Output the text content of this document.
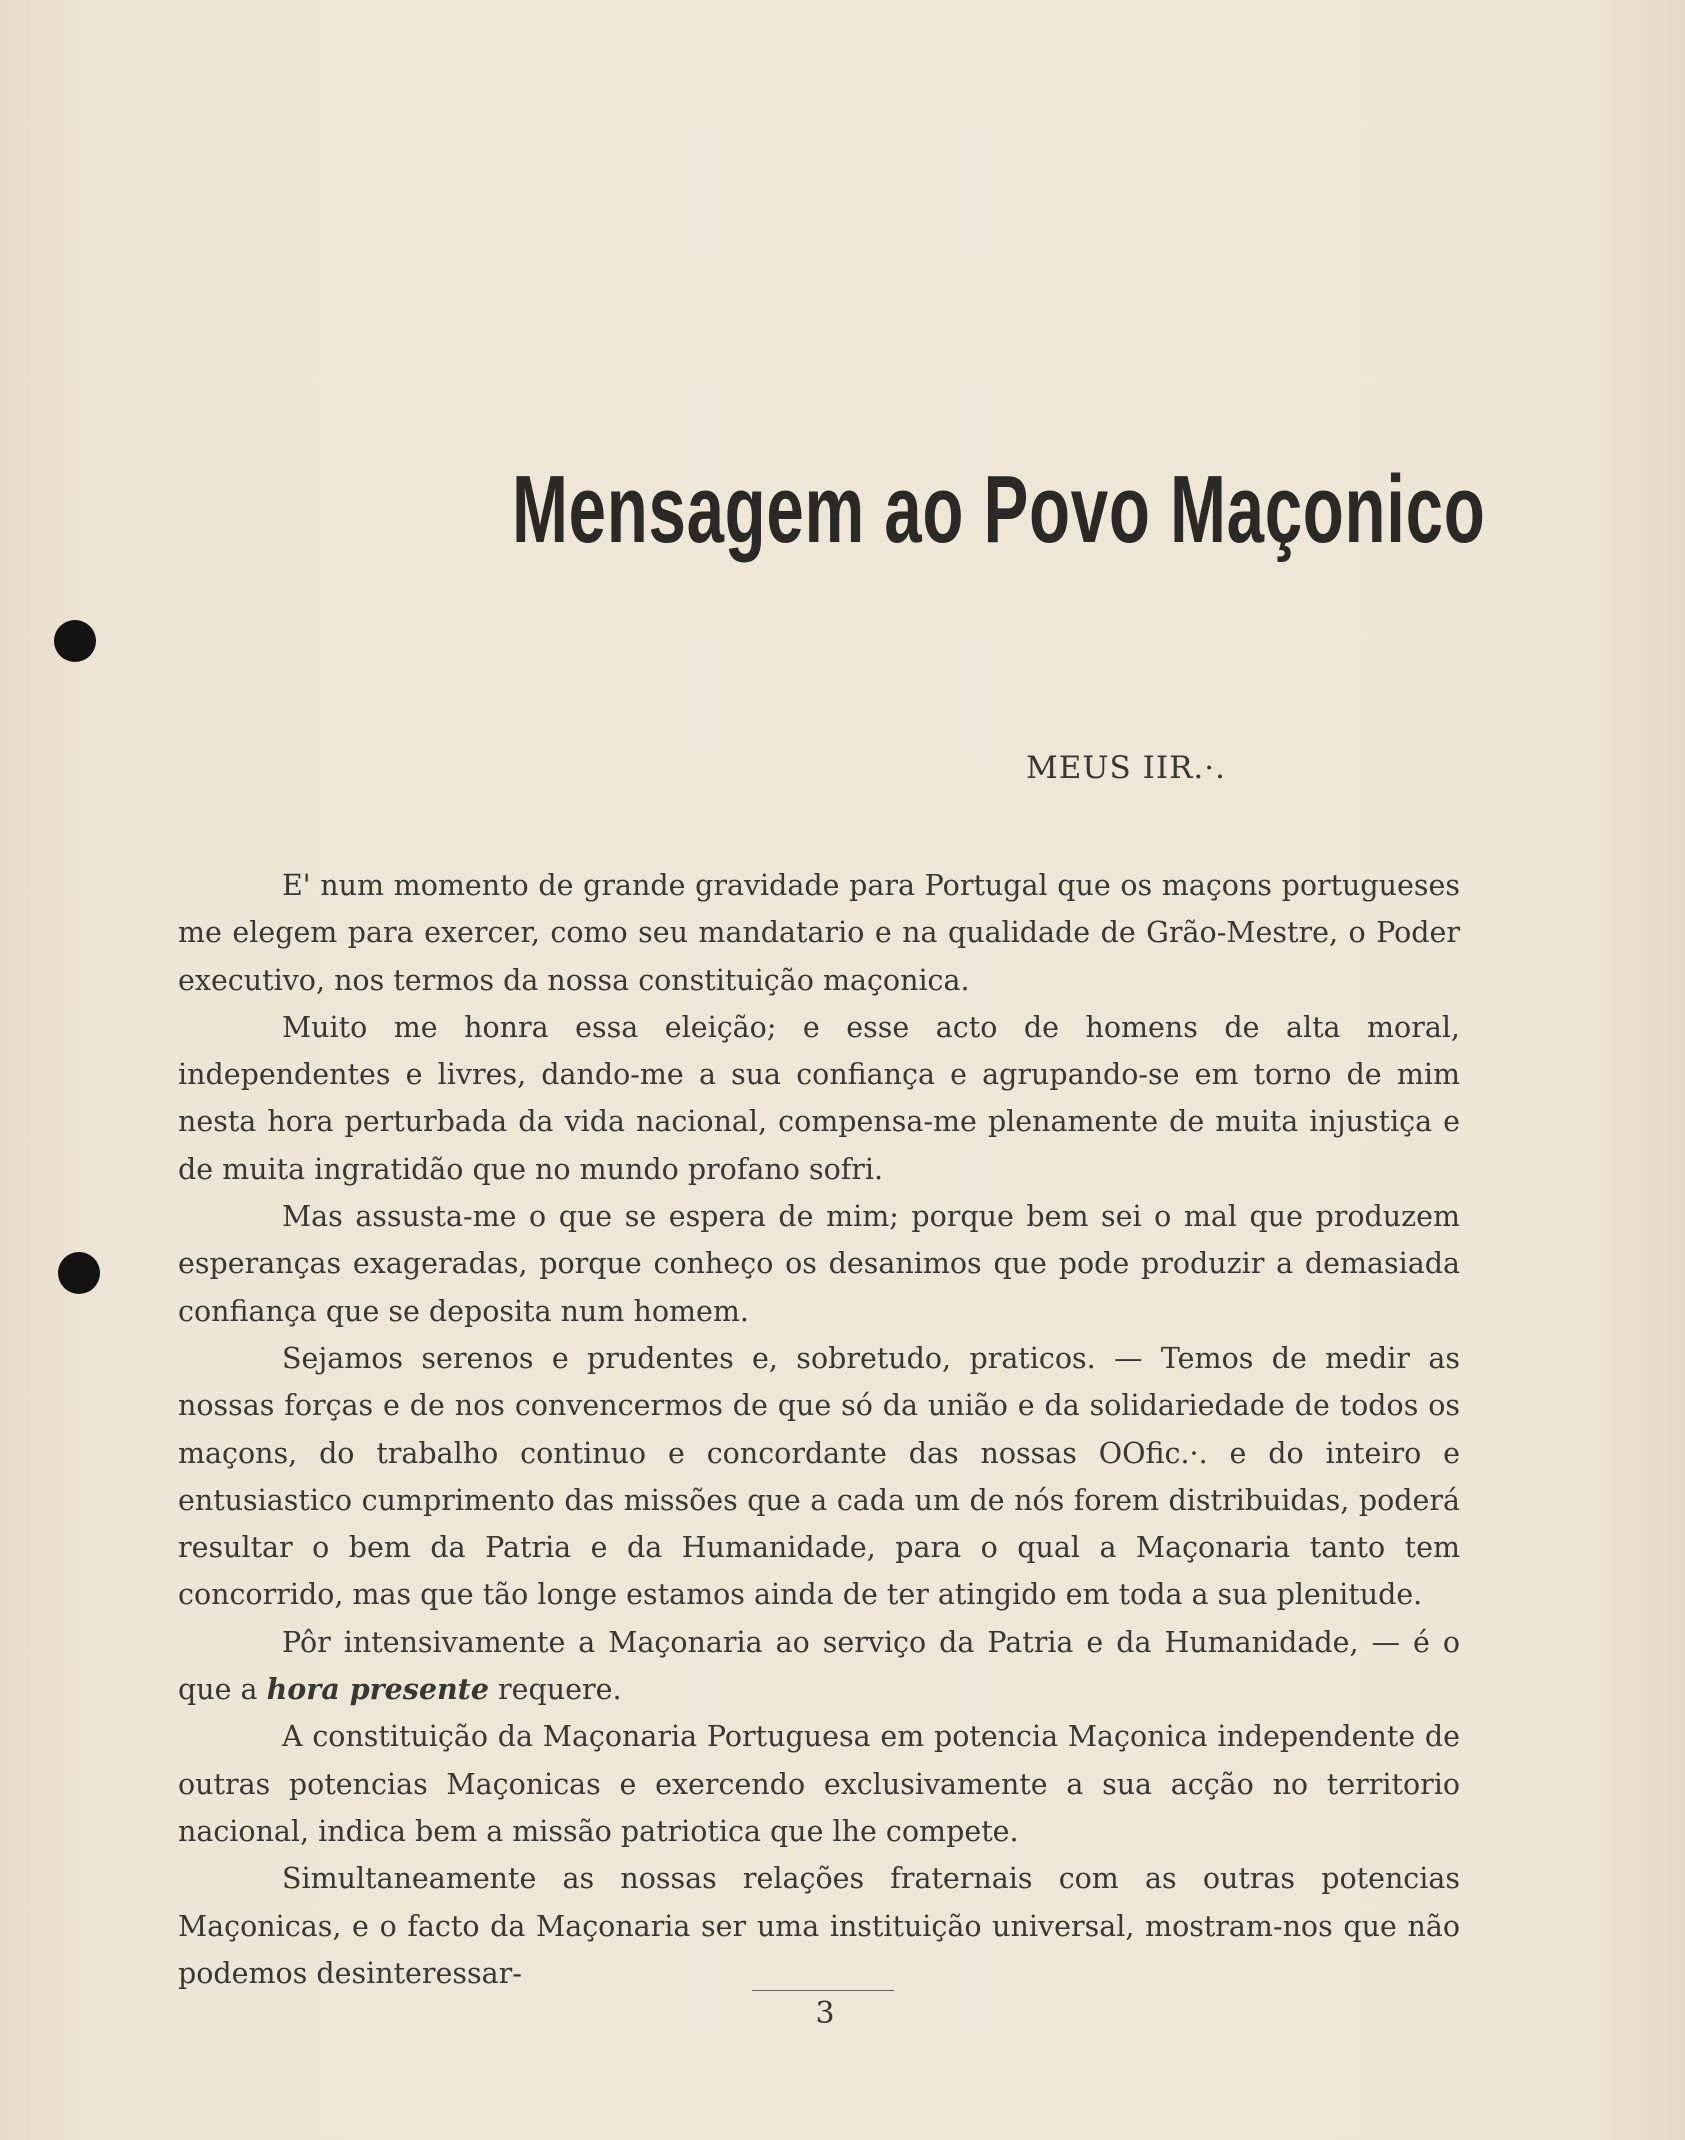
Mensagem ao Povo Maçonico
MEUS IIR.·.

E' num momento de grande gravidade para Portugal que os maçons portugueses me elegem para exercer, como seu mandatario e na qualidade de Grão-Mestre, o Poder executivo, nos termos da nossa constituição maçonica.

Muito me honra essa eleição; e esse acto de homens de alta moral, independentes e livres, dando-me a sua confiança e agrupando-se em torno de mim nesta hora perturbada da vida nacional, compensa-me plenamente de muita injustiça e de muita ingratidão que no mundo profano sofri.

Mas assusta-me o que se espera de mim; porque bem sei o mal que produzem esperanças exageradas, porque conheço os desanimos que pode produzir a demasiada confiança que se deposita num homem.

Sejamos serenos e prudentes e, sobretudo, praticos. — Temos de medir as nossas forças e de nos convencermos de que só da união e da solidariedade de todos os maçons, do trabalho continuo e concordante das nossas OOfic.·. e do inteiro e entusiastico cumprimento das missões que a cada um de nós forem distribuidas, poderá resultar o bem da Patria e da Humanidade, para o qual a Maçonaria tanto tem concorrido, mas que tão longe estamos ainda de ter atingido em toda a sua plenitude.

Pôr intensivamente a Maçonaria ao serviço da Patria e da Humanidade, — é o que a hora presente requere.

A constituição da Maçonaria Portuguesa em potencia Maçonica independente de outras potencias Maçonicas e exercendo exclusivamente a sua acção no territorio nacional, indica bem a missão patriotica que lhe compete.

Simultaneamente as nossas relações fraternais com as outras potencias Maçonicas, e o facto da Maçonaria ser uma instituição universal, mostram-nos que não podemos desinteressar-

3
